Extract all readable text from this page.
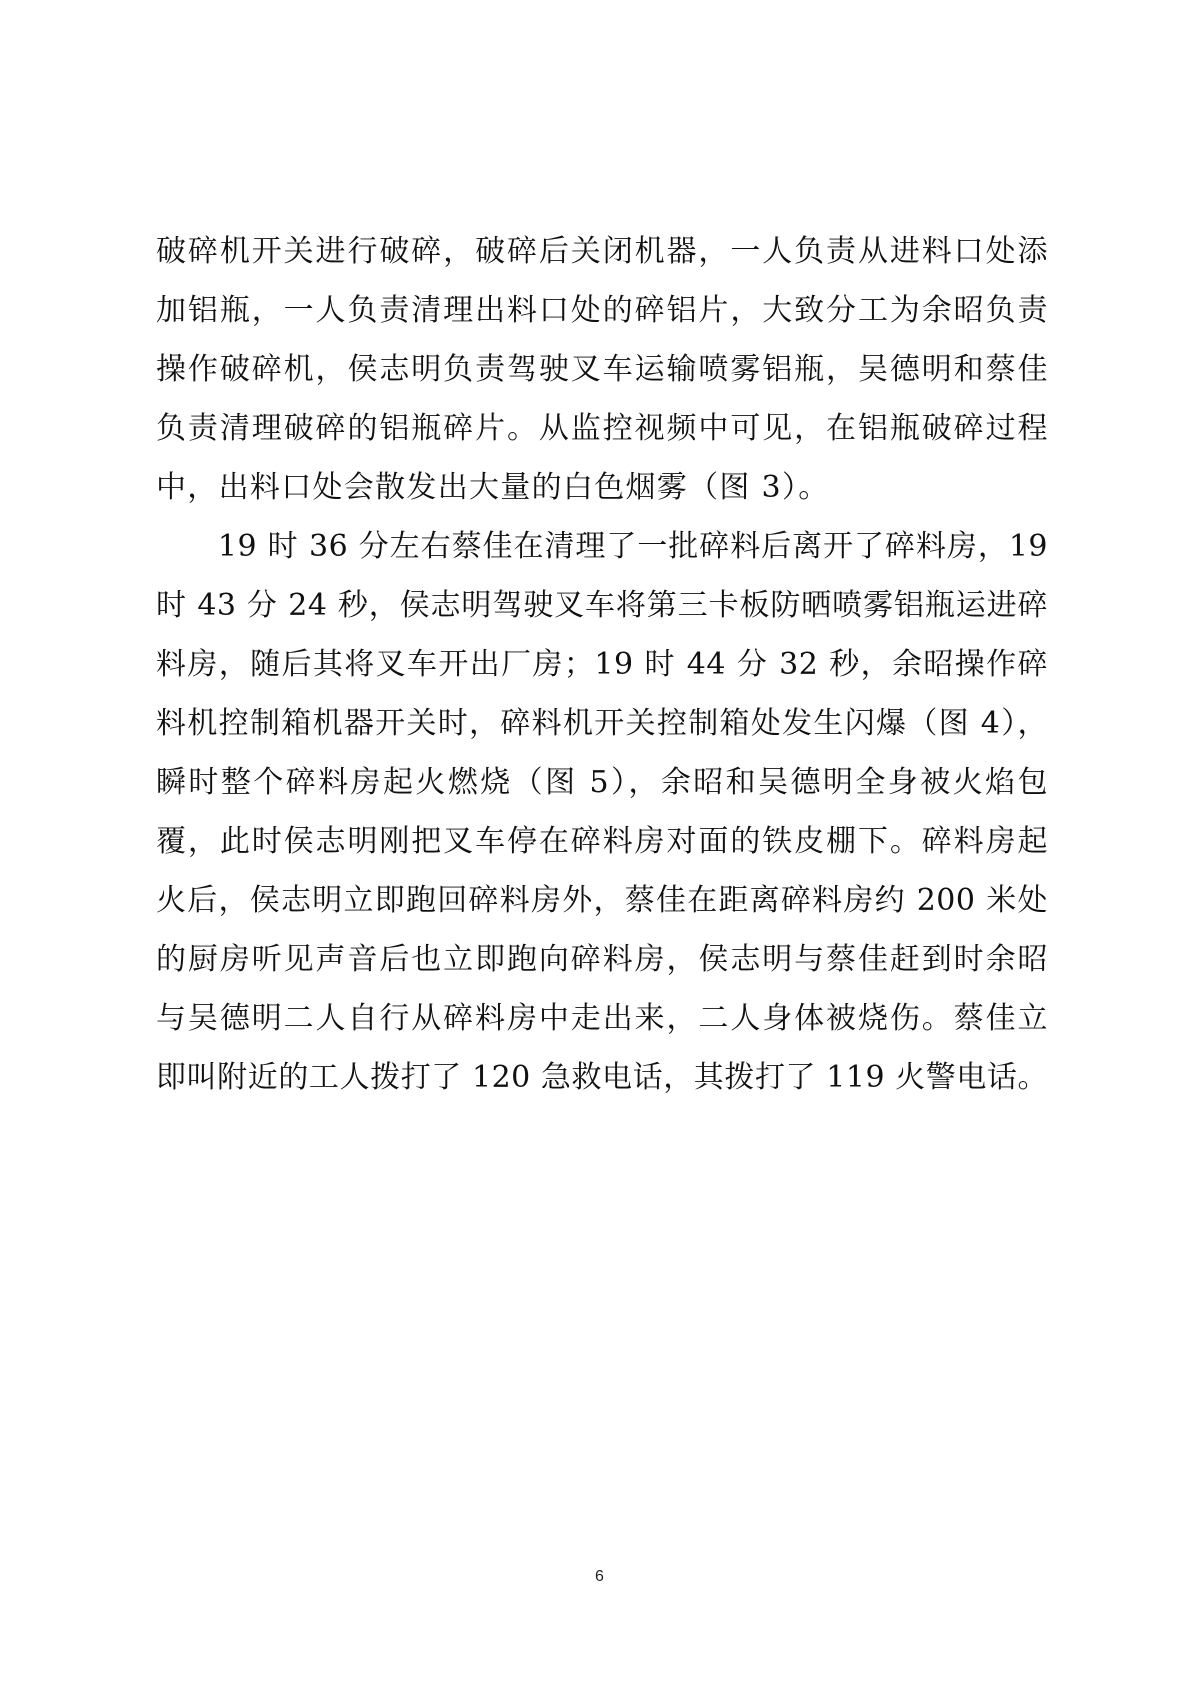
破碎机开关进行破碎，破碎后关闭机器，一人负责从进料口处添
加铝瓶，一人负责清理出料口处的碎铝片，大致分工为余昭负责
操作破碎机，侯志明负责驾驶叉车运输喷雾铝瓶，吴德明和蔡佳
负责清理破碎的铝瓶碎片。从监控视频中可见，在铝瓶破碎过程
中，出料口处会散发出大量的白色烟雾（图 3）。
　　19 时 36 分左右蔡佳在清理了一批碎料后离开了碎料房，19
时 43 分 24 秒，侯志明驾驶叉车将第三卡板防晒喷雾铝瓶运进碎
料房，随后其将叉车开出厂房；19 时 44 分 32 秒，余昭操作碎
料机控制箱机器开关时，碎料机开关控制箱处发生闪爆（图 4），
瞬时整个碎料房起火燃烧（图 5），余昭和吴德明全身被火焰包
覆，此时侯志明刚把叉车停在碎料房对面的铁皮棚下。碎料房起
火后，侯志明立即跑回碎料房外，蔡佳在距离碎料房约 200 米处
的厨房听见声音后也立即跑向碎料房，侯志明与蔡佳赶到时余昭
与吴德明二人自行从碎料房中走出来，二人身体被烧伤。蔡佳立
即叫附近的工人拨打了 120 急救电话，其拨打了 119 火警电话。
6
